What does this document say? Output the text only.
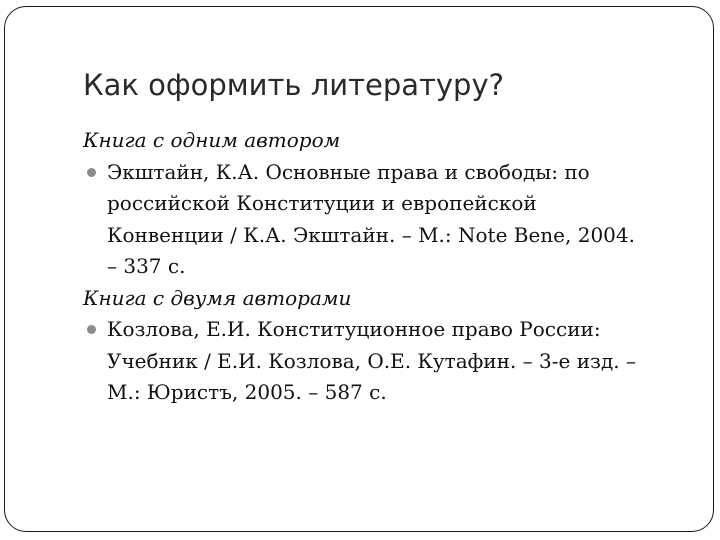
Как оформить литературу?

Книга с одним автором

Экштайн, К.А. Основные права и свободы: по
российской Конституции и европейской
Конвенции / К.А. Экштайн. – М.: Note Bene, 2004.
– 337 с.

Книга с двумя авторами

Козлова, Е.И. Конституционное право России:
Учебник / Е.И. Козлова, О.Е. Кутафин. – 3-е изд. –
М.: Юристъ, 2005. – 587 с.
